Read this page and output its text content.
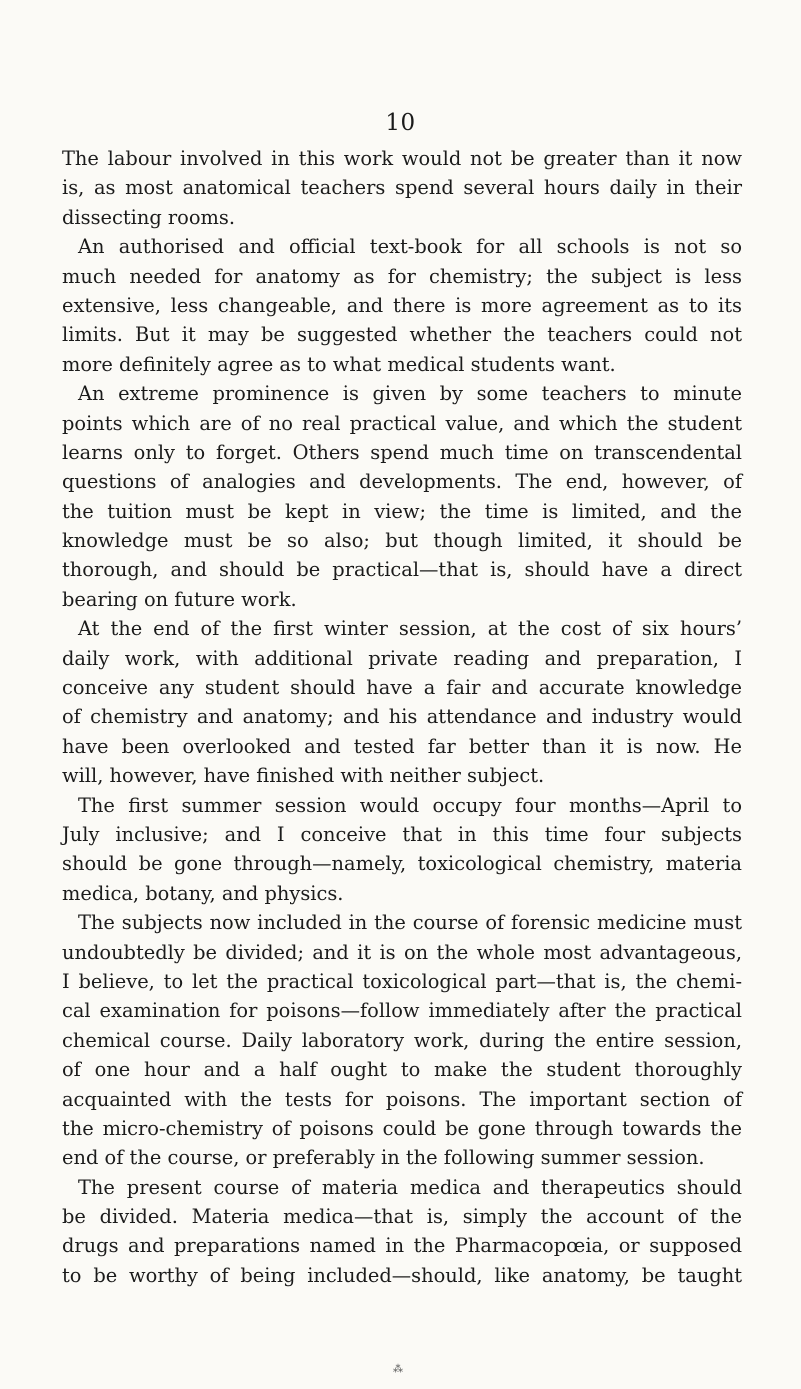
10
The labour involved in this work would not be greater than it now
is, as most anatomical teachers spend several hours daily in their
dissecting rooms.
An authorised and official text-book for all schools is not so
much needed for anatomy as for chemistry; the subject is less
extensive, less changeable, and there is more agreement as to its
limits. But it may be suggested whether the teachers could not
more definitely agree as to what medical students want.
An extreme prominence is given by some teachers to minute
points which are of no real practical value, and which the student
learns only to forget. Others spend much time on transcendental
questions of analogies and developments. The end, however, of
the tuition must be kept in view; the time is limited, and the
knowledge must be so also; but though limited, it should be
thorough, and should be practical—that is, should have a direct
bearing on future work.
At the end of the first winter session, at the cost of six hours’
daily work, with additional private reading and preparation, I
conceive any student should have a fair and accurate knowledge
of chemistry and anatomy; and his attendance and industry would
have been overlooked and tested far better than it is now. He
will, however, have finished with neither subject.
The first summer session would occupy four months—April to
July inclusive; and I conceive that in this time four subjects
should be gone through—namely, toxicological chemistry, materia
medica, botany, and physics.
The subjects now included in the course of forensic medicine must
undoubtedly be divided; and it is on the whole most advantageous,
I believe, to let the practical toxicological part—that is, the chemi-
cal examination for poisons—follow immediately after the practical
chemical course. Daily laboratory work, during the entire session,
of one hour and a half ought to make the student thoroughly
acquainted with the tests for poisons. The important section of
the micro-chemistry of poisons could be gone through towards the
end of the course, or preferably in the following summer session.
The present course of materia medica and therapeutics should
be divided. Materia medica—that is, simply the account of the
drugs and preparations named in the Pharmacopœia, or supposed
to be worthy of being included—should, like anatomy, be taught
⁂
